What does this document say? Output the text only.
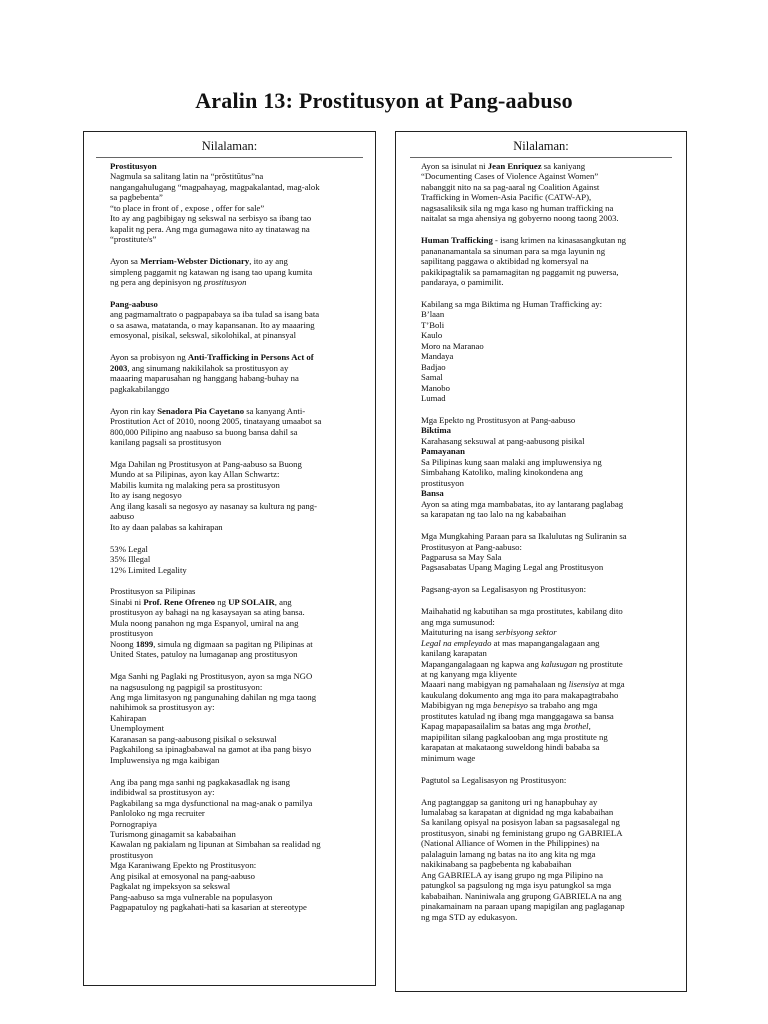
Aralin 13: Prostitusyon at Pang-aabuso
Nilalaman:
Prostitusyon
Nagmula sa salitang latin na “prōstitūtus”na
nangangahulugang “magpahayag, magpakalantad, mag-alok
sa pagbebenta”
“to place in front of , expose , offer for sale”
Ito ay ang pagbibigay ng sekswal na serbisyo sa ibang tao
kapalit ng pera. Ang mga gumagawa nito ay tinatawag na
“prostitute/s”
Ayon sa Merriam-Webster Dictionary, ito ay ang
simpleng paggamit ng katawan ng isang tao upang kumita
ng pera ang depinisyon ng prostitusyon
Pang-aabuso
ang pagmamaltrato o pagpapabaya sa iba tulad sa isang bata
o sa asawa, matatanda, o may kapansanan. Ito ay maaaring
emosyonal, pisikal, sekswal, sikolohikal, at pinansyal
Ayon sa probisyon ng Anti-Trafficking in Persons Act of
2003, ang sinumang nakikilahok sa prostitusyon ay
maaaring maparusahan ng hanggang habang-buhay na
pagkakabilanggo
Ayon rin kay Senadora Pia Cayetano sa kanyang Anti-
Prostitution Act of 2010, noong 2005, tinatayang umaabot sa
800,000 Pilipino ang naabuso sa buong bansa dahil sa
kanilang pagsali sa prostitusyon
Mga Dahilan ng Prostitusyon at Pang-aabuso sa Buong
Mundo at sa Pilipinas, ayon kay Allan Schwartz:
Mabilis kumita ng malaking pera sa prostitusyon
Ito ay isang negosyo
Ang ilang kasali sa negosyo ay nasanay sa kultura ng pang-
aabuso
Ito ay daan palabas sa kahirapan
53% Legal
35% Illegal
12% Limited Legality
Prostitusyon sa Pilipinas
Sinabi ni Prof. Rene Ofreneo ng UP SOLAIR, ang
prostitusyon ay bahagi na ng kasaysayan sa ating bansa.
Mula noong panahon ng mga Espanyol, umiral na ang
prostitusyon
Noong 1899, simula ng digmaan sa pagitan ng Pilipinas at
United States, patuloy na lumaganap ang prostitusyon
Mga Sanhi ng Paglaki ng Prostitusyon, ayon sa mga NGO
na nagsusulong ng pagpigil sa prostitusyon:
Ang mga limitasyon ng pangunahing dahilan ng mga taong
nahihimok sa prostitusyon ay:
Kahirapan
Unemployment
Karanasan sa pang-aabusong pisikal o seksuwal
Pagkahilong sa ipinagbabawal na gamot at iba pang bisyo
Impluwensiya ng mga kaibigan
Ang iba pang mga sanhi ng pagkakasadlak ng isang
indibidwal sa prostitusyon ay:
Pagkabilang sa mga dysfunctional na mag-anak o pamilya
Panloloko ng mga recruiter
Pornograpiya
Turismong ginagamit sa kababaihan
Kawalan ng pakialam ng lipunan at Simbahan sa realidad ng
prostitusyon
Mga Karaniwang Epekto ng Prostitusyon:
Ang pisikal at emosyonal na pang-aabuso
Pagkalat ng impeksyon sa sekswal
Pang-aabuso sa mga vulnerable na populasyon
Pagpapatuloy ng pagkahati-hati sa kasarian at stereotype
Nilalaman:
Ayon sa isinulat ni Jean Enriquez sa kaniyang
“Documenting Cases of Violence Against Women”
nabanggit nito na sa pag-aaral ng Coalition Against
Trafficking in Women-Asia Pacific (CATW-AP),
nagsasaliksik sila ng mga kaso ng human trafficking na
naitalat sa mga ahensiya ng gobyerno noong taong 2003.
Human Trafficking - isang krimen na kinasasangkutan ng
panananamantala sa sinuman para sa mga layunin ng
sapilitang paggawa o aktibidad ng komersyal na
pakikipagtalik sa pamamagitan ng paggamit ng puwersa,
pandaraya, o pamimilit.
Kabilang sa mga Biktima ng Human Trafficking ay:
B’laan
T’Boli
Kaulo
Moro na Maranao
Mandaya
Badjao
Samal
Manobo
Lumad
Mga Epekto ng Prostitusyon at Pang-aabuso
Biktima
Karahasang seksuwal at pang-aabusong pisikal
Pamayanan
Sa Pilipinas kung saan malaki ang impluwensiya ng
Simbahang Katoliko, maling kinokondena ang
prostitusyon
Bansa
Ayon sa ating mga mambabatas, ito ay lantarang paglabag
sa karapatan ng tao lalo na ng kababaihan
Mga Mungkahing Paraan para sa Ikalulutas ng Suliranin sa
Prostitusyon at Pang-aabuso:
Pagparusa sa May Sala
Pagsasabatas Upang Maging Legal ang Prostitusyon
Pagsang-ayon sa Legalisasyon ng Prostitusyon:
Maihahatid ng kabutihan sa mga prostitutes, kabilang dito
ang mga sumusunod:
Maituturing na isang serbisyong sektor
Legal na empleyado at mas mapangangalagaan ang
kanilang karapatan
Mapangangalagaan ng kapwa ang kalusugan ng prostitute
at ng kanyang mga kliyente
Maaari nang mabigyan ng pamahalaan ng lisensiya at mga
kaukulang dokumento ang mga ito para makapagtrabaho
Mabibigyan ng mga benepisyo sa trabaho ang mga
prostitutes katulad ng ibang mga manggagawa sa bansa
Kapag mapapasailalim sa batas ang mga brothel,
mapipilitan silang pagkalooban ang mga prostitute ng
karapatan at makataong suweldong hindi bababa sa
minimum wage
Pagtutol sa Legalisasyon ng Prostitusyon:
Ang pagtanggap sa ganitong uri ng hanapbuhay ay
lumalabag sa karapatan at dignidad ng mga kababaihan
Sa kanilang opisyal na posisyon laban sa pagsasalegal ng
prostitusyon, sinabi ng feministang grupo ng GABRIELA
(National Alliance of Women in the Philippines) na
palalaguin lamang ng batas na ito ang kita ng mga
nakikinabang sa pagbebenta ng kababaihan
Ang GABRIELA ay isang grupo ng mga Pilipino na
patungkol sa pagsulong ng mga isyu patungkol sa mga
kababaihan. Naniniwala ang grupong GABRIELA na ang
pinakamainam na paraan upang mapigilan ang paglaganap
ng mga STD ay edukasyon.
